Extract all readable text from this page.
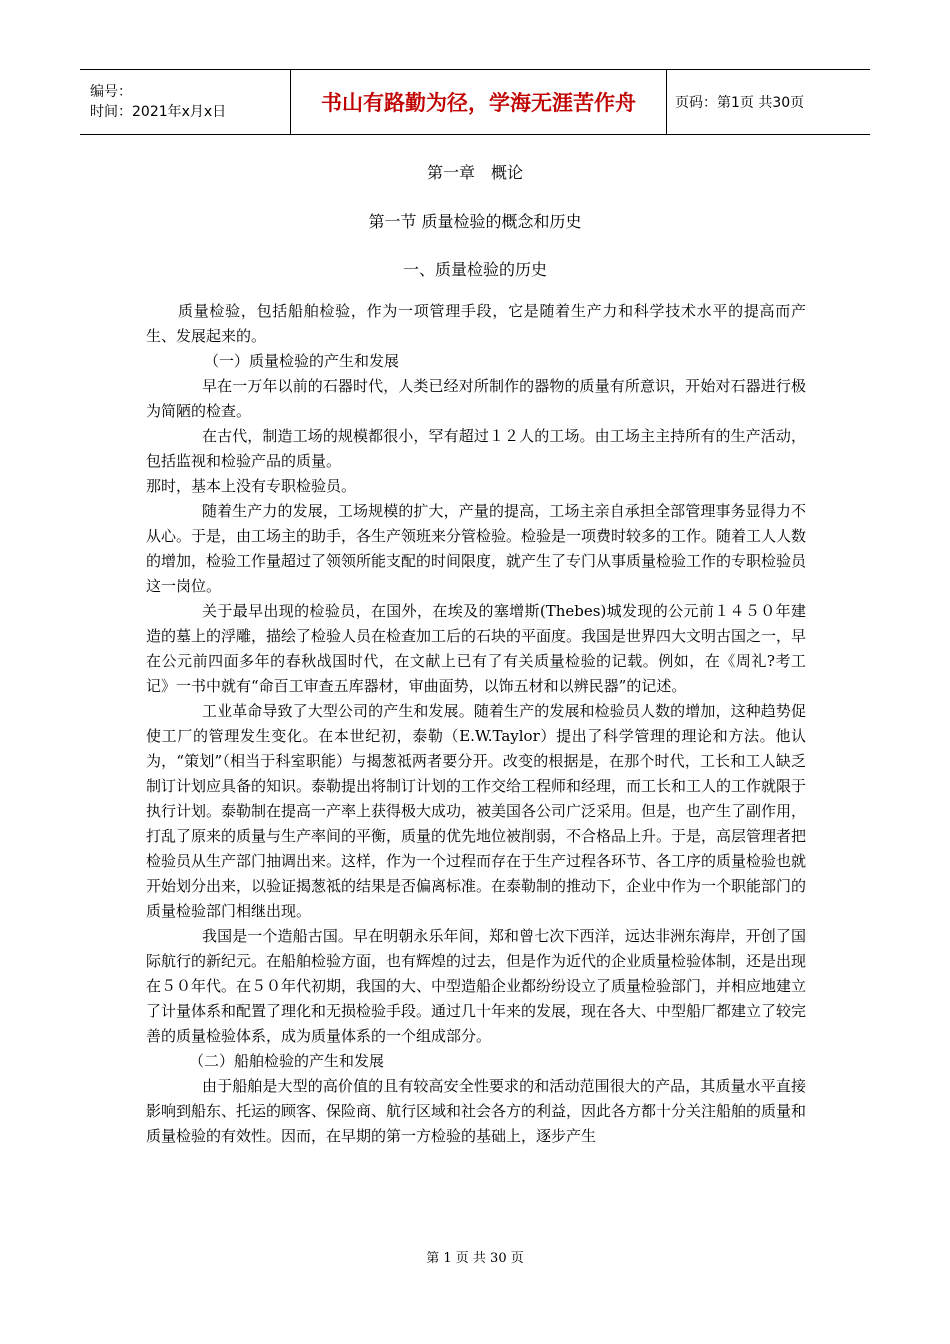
编号：
时间：2021年x月x日	书山有路勤为径，学海无涯苦作舟	页码：第1页 共30页
第一章　概论
第一节 质量检验的概念和历史
一、质量检验的历史

质量检验，包括船舶检验，作为一项管理手段，它是随着生产力和科学技术水平的提高而产生、发展起来的。

（一）质量检验的产生和发展

早在一万年以前的石器时代，人类已经对所制作的器物的质量有所意识，开始对石器进行极为简陋的检查。

在古代，制造工场的规模都很小，罕有超过１２人的工场。由工场主主持所有的生产活动，包括监视和检验产品的质量。

那时，基本上没有专职检验员。

随着生产力的发展，工场规模的扩大，产量的提高，工场主亲自承担全部管理事务显得力不从心。于是，由工场主的助手，各生产领班来分管检验。检验是一项费时较多的工作。随着工人人数的增加，检验工作量超过了领领所能支配的时间限度，就产生了专门从事质量检验工作的专职检验员这一岗位。

关于最早出现的检验员，在国外，在埃及的塞增斯(Thebes)城发现的公元前１４５０年建造的墓上的浮雕，描绘了检验人员在检查加工后的石块的平面度。我国是世界四大文明古国之一，早在公元前四面多年的春秋战国时代，在文献上已有了有关质量检验的记载。例如，在《周礼?考工记》一书中就有“命百工审查五库器材，审曲面势，以饰五材和以辨民器”的记述。

工业革命导致了大型公司的产生和发展。随着生产的发展和检验员人数的增加，这种趋势促使工厂的管理发生变化。在本世纪初，泰勒（E.W.Taylor）提出了科学管理的理论和方法。他认为，“策划”（相当于科室职能）与揭葱祗两者要分开。改变的根据是，在那个时代，工长和工人缺乏制订计划应具备的知识。泰勒提出将制订计划的工作交给工程师和经理，而工长和工人的工作就限于执行计划。泰勒制在提高一产率上获得极大成功，被美国各公司广泛采用。但是，也产生了副作用，打乱了原来的质量与生产率间的平衡，质量的优先地位被削弱，不合格品上升。于是，高层管理者把检验员从生产部门抽调出来。这样，作为一个过程而存在于生产过程各环节、各工序的质量检验也就开始划分出来，以验证揭葱祗的结果是否偏离标准。在泰勒制的推动下，企业中作为一个职能部门的质量检验部门相继出现。

我国是一个造船古国。早在明朝永乐年间，郑和曾七次下西洋，远达非洲东海岸，开创了国际航行的新纪元。在船舶检验方面，也有辉煌的过去，但是作为近代的企业质量检验体制，还是出现在５０年代。在５０年代初期，我国的大、中型造船企业都纷纷设立了质量检验部门，并相应地建立了计量体系和配置了理化和无损检验手段。通过几十年来的发展，现在各大、中型船厂都建立了较完善的质量检验体系，成为质量体系的一个组成部分。

（二）船舶检验的产生和发展

由于船舶是大型的高价值的且有较高安全性要求的和活动范围很大的产品，其质量水平直接影响到船东、托运的顾客、保险商、航行区域和社会各方的利益，因此各方都十分关注船舶的质量和质量检验的有效性。因而，在早期的第一方检验的基础上，逐步产生

第 1 页 共 30 页
